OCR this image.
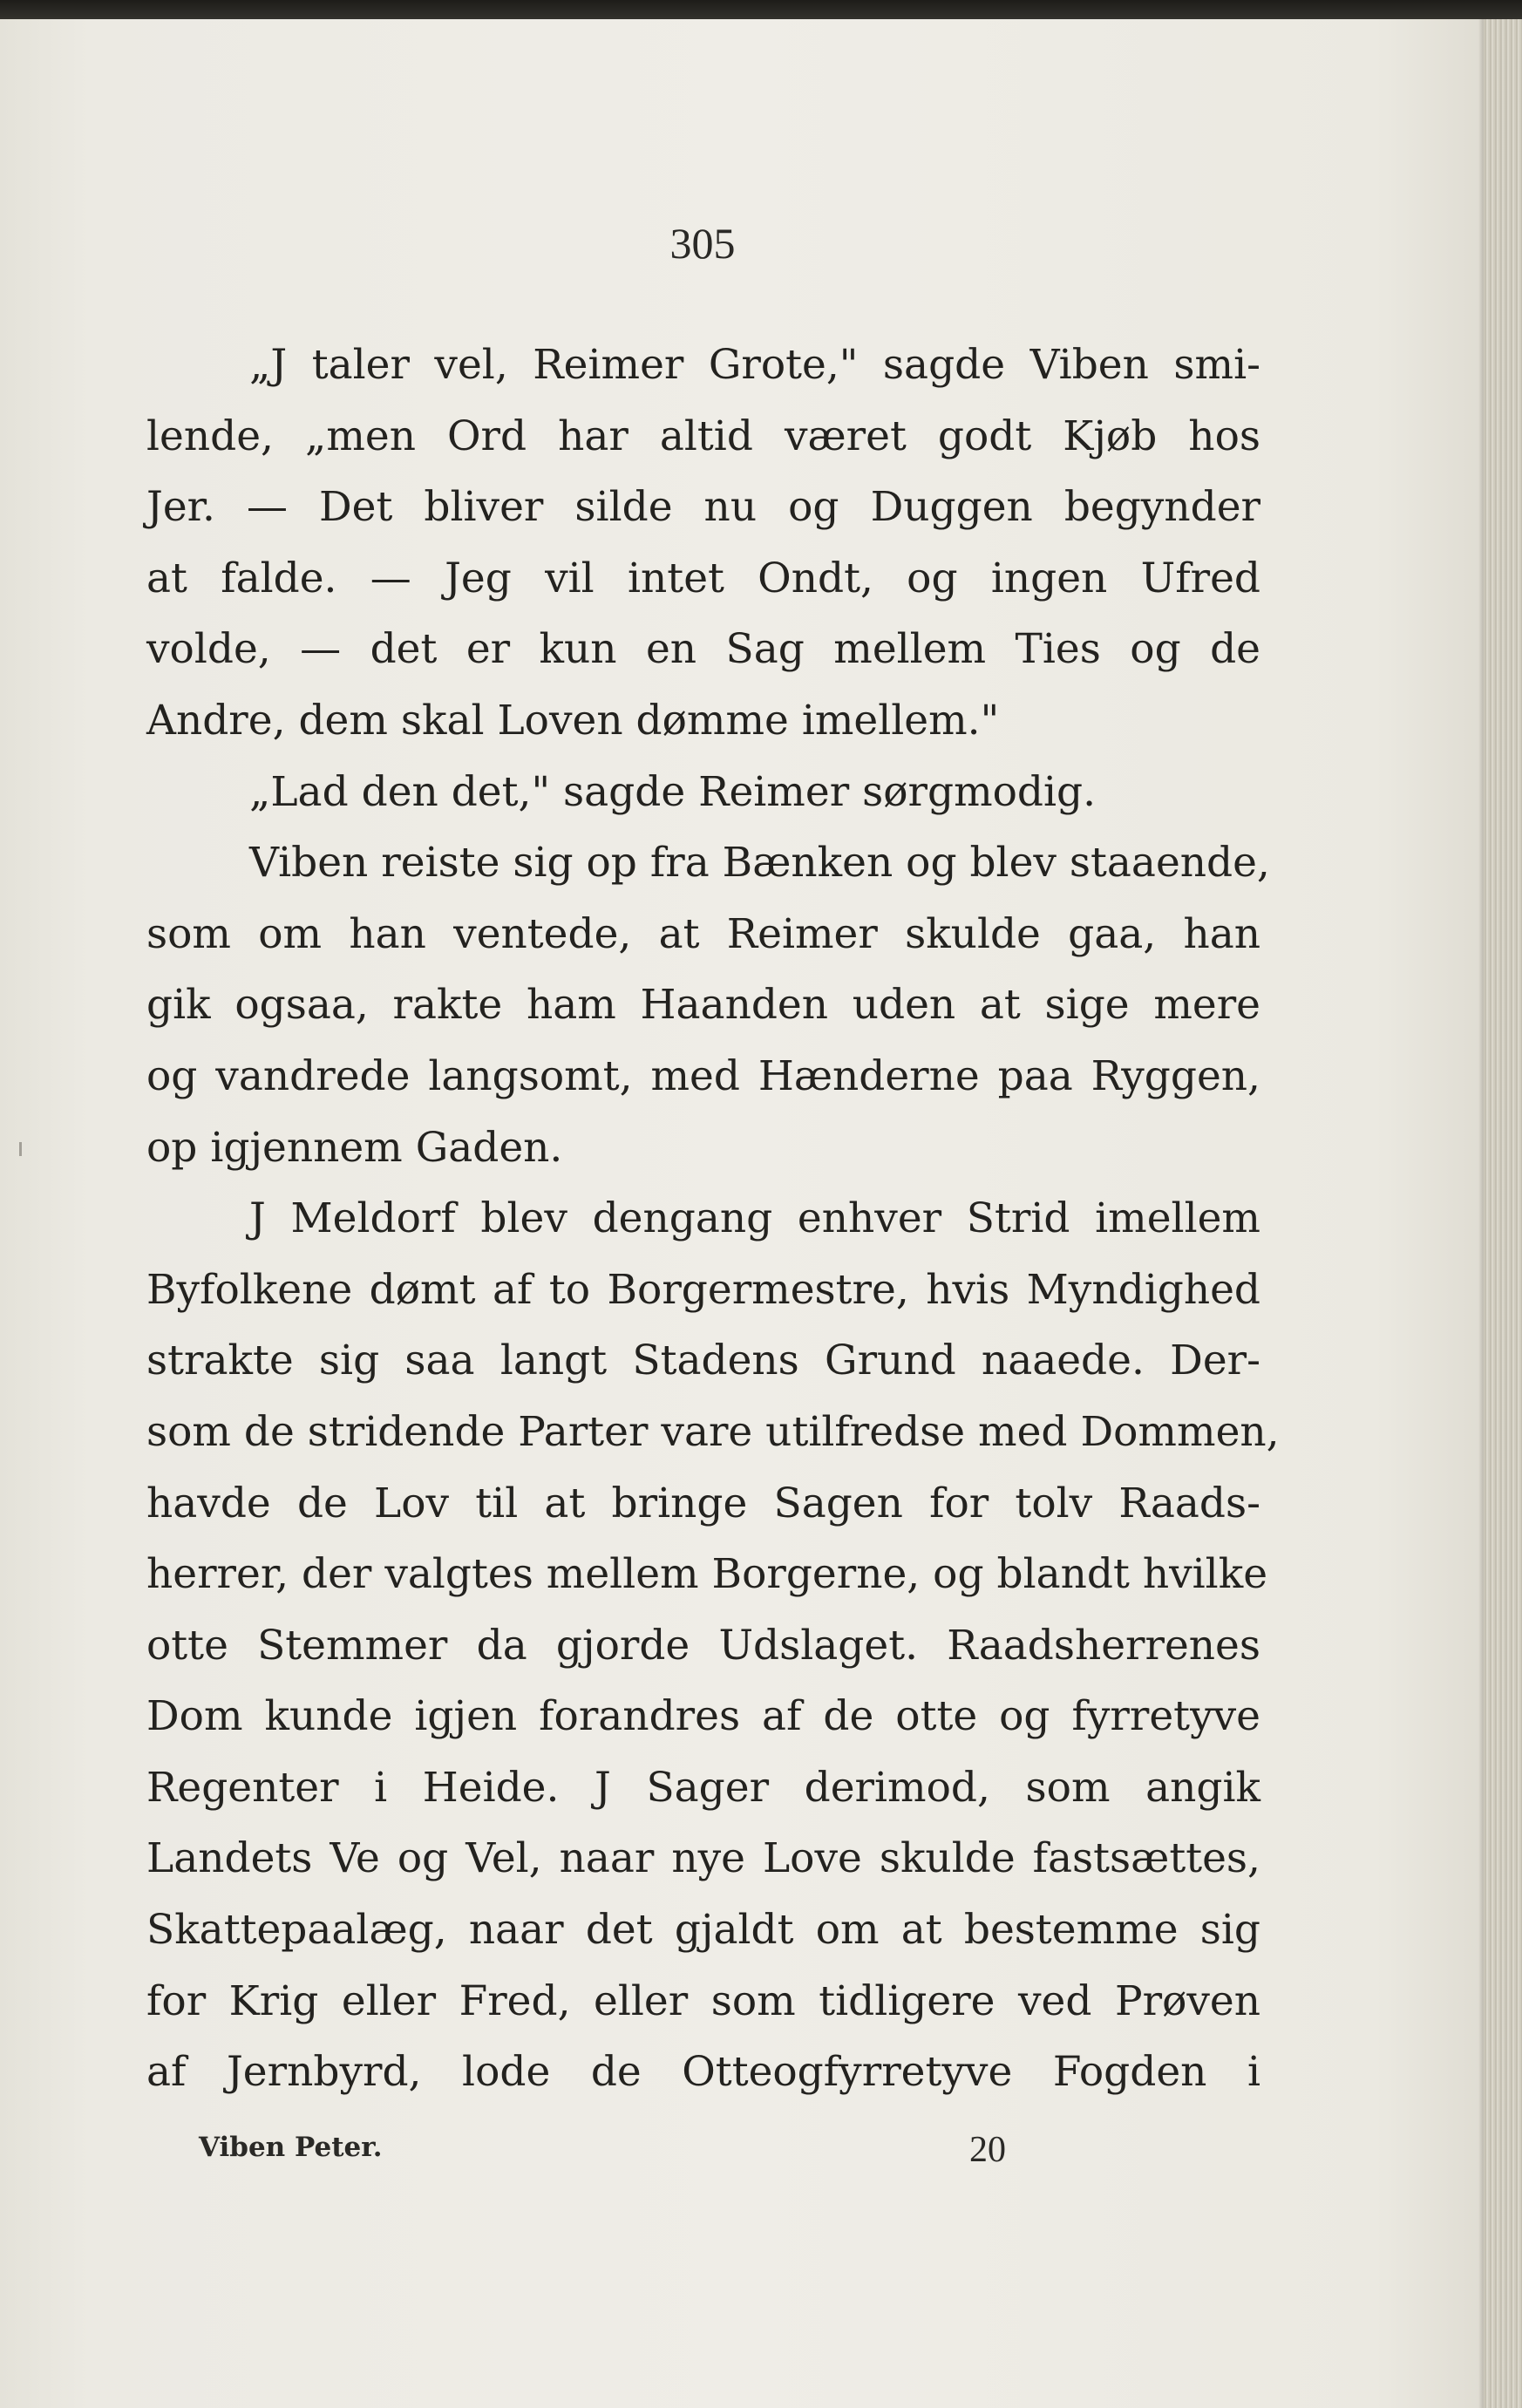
305
„J taler vel, Reimer Grote," sagde Viben smi-
lende, „men Ord har altid været godt Kjøb hos
Jer. — Det bliver silde nu og Duggen begynder
at falde. — Jeg vil intet Ondt, og ingen Ufred
volde, — det er kun en Sag mellem Ties og de
Andre, dem skal Loven dømme imellem."
„Lad den det," sagde Reimer sørgmodig.
Viben reiste sig op fra Bænken og blev staaende,
som om han ventede, at Reimer skulde gaa, han
gik ogsaa, rakte ham Haanden uden at sige mere
og vandrede langsomt, med Hænderne paa Ryggen,
op igjennem Gaden.
J Meldorf blev dengang enhver Strid imellem
Byfolkene dømt af to Borgermestre, hvis Myndighed
strakte sig saa langt Stadens Grund naaede. Der-
som de stridende Parter vare utilfredse med Dommen,
havde de Lov til at bringe Sagen for tolv Raads-
herrer, der valgtes mellem Borgerne, og blandt hvilke
otte Stemmer da gjorde Udslaget. Raadsherrenes
Dom kunde igjen forandres af de otte og fyrretyve
Regenter i Heide. J Sager derimod, som angik
Landets Ve og Vel, naar nye Love skulde fastsættes,
Skattepaalæg, naar det gjaldt om at bestemme sig
for Krig eller Fred, eller som tidligere ved Prøven
af Jernbyrd, lode de Otteogfyrretyve Fogden i
Viben Peter.	20
